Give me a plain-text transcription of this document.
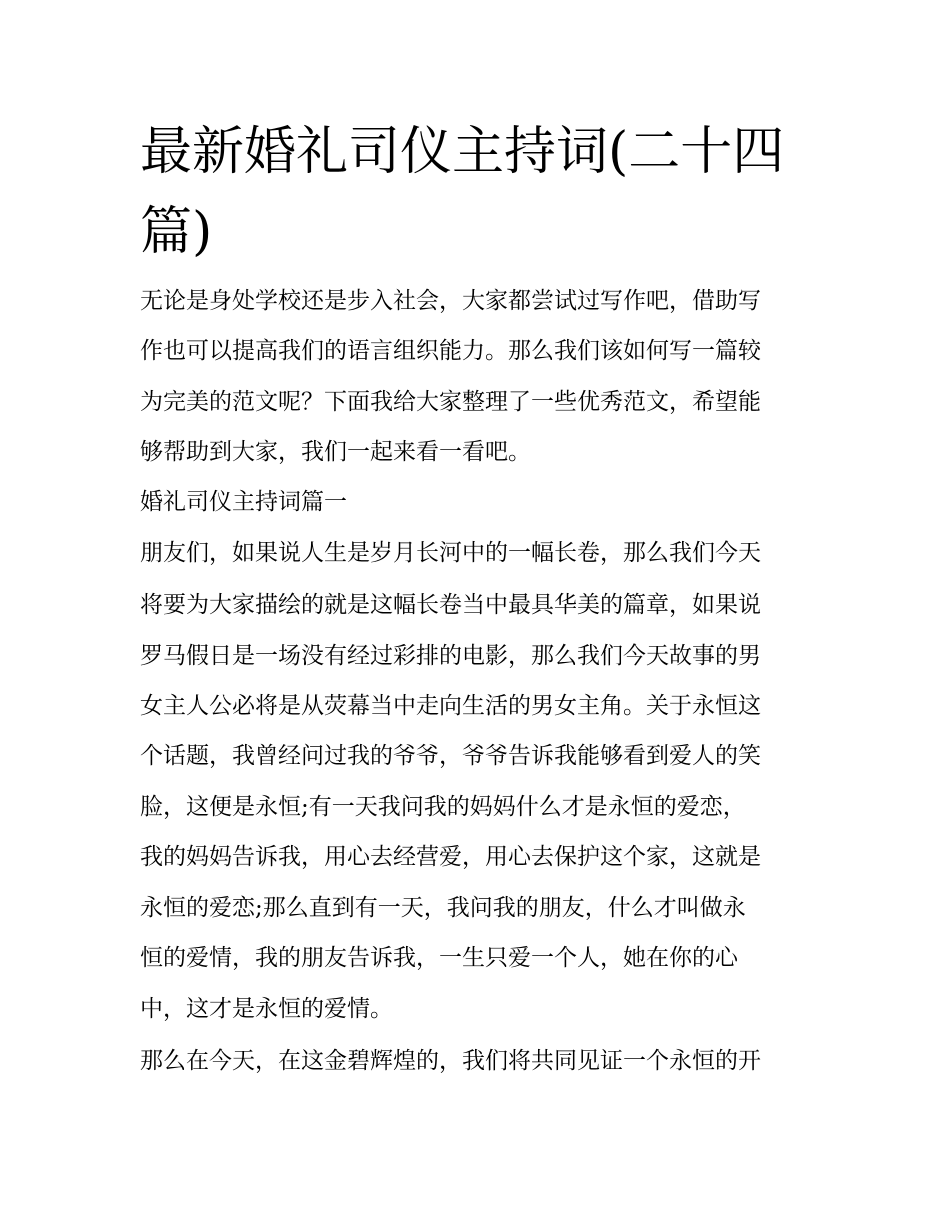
最新婚礼司仪主持词(二十四篇)

无论是身处学校还是步入社会，大家都尝试过写作吧，借助写

作也可以提高我们的语言组织能力。那么我们该如何写一篇较

为完美的范文呢？下面我给大家整理了一些优秀范文，希望能

够帮助到大家，我们一起来看一看吧。

婚礼司仪主持词篇一

朋友们，如果说人生是岁月长河中的一幅长卷，那么我们今天

将要为大家描绘的就是这幅长卷当中最具华美的篇章，如果说

罗马假日是一场没有经过彩排的电影，那么我们今天故事的男

女主人公必将是从荧幕当中走向生活的男女主角。关于永恒这

个话题，我曾经问过我的爷爷，爷爷告诉我能够看到爱人的笑

脸，这便是永恒;有一天我问我的妈妈什么才是永恒的爱恋，

我的妈妈告诉我，用心去经营爱，用心去保护这个家，这就是

永恒的爱恋;那么直到有一天，我问我的朋友，什么才叫做永

恒的爱情，我的朋友告诉我，一生只爱一个人，她在你的心

中，这才是永恒的爱情。

那么在今天，在这金碧辉煌的，我们将共同见证一个永恒的开
